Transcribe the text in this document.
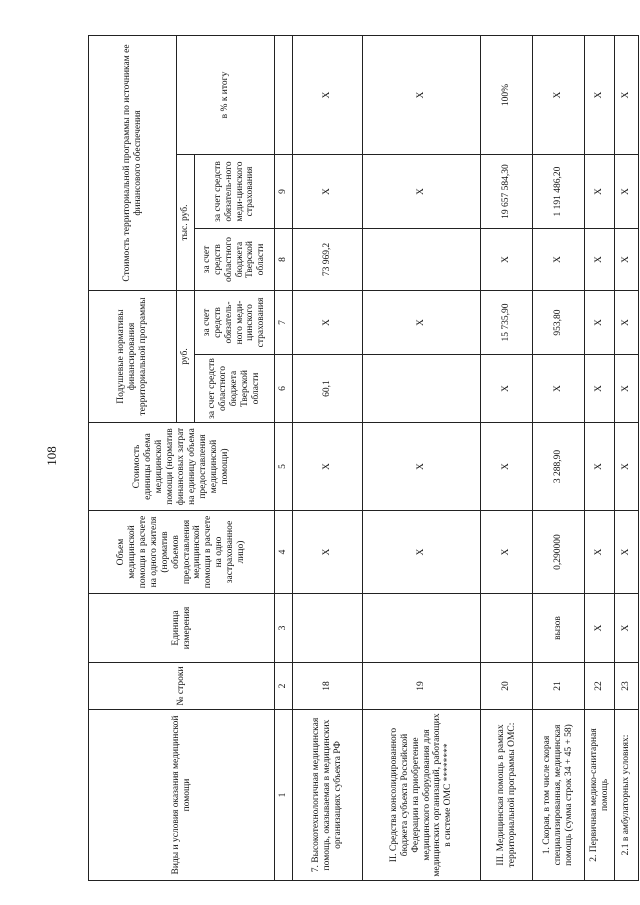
108
Виды и условия оказания медицинской помощи	№ строки	Единица измерения	Объем медицинской помощи в расчете на одного жителя (норматив объемов предоставления медицинской помощи в расчете на одно застрахованное лицо)	Стоимость единицы объема медицинской помощи (норматив финансовых затрат на единицу объема предоставления медицинской помощи)	Подушевые нормативы финансирования территориальной программы		Стоимость территориальной программы по источникам ее финансового обеспечения		
					руб.		тыс. руб.		в % к итогу
					за счет средств областного бюджета Тверской области	за счет средств обязатель-ного меди-цинского страхования	за счет средств областного бюджета Тверской области	за счет средств обязатель-ного меди-цинского страхования	
1	2	3	4	5	6	7	8	9	
7. Высокотехнологичная медицинская помощь, оказываемая в медицинских организациях субъекта РФ	18		X	X	60,1	X	73 969,2	X	X
II. Средства консолидированного бюджета субъекта Российской Федерации на приобретение медицинского оборудования для медицинских организаций, работающих в системе ОМС ********	19		X	X		X		X	X
III. Медицинская помощь в рамках территориальной программы ОМС:	20		X	X	X	15 735,90	X	19 657 584,30	100%
1. Скорая, в том числе скорая специализированная, медицинская помощь (сумма строк 34 + 45 + 58)	21	вызов	0,290000	3 288,90	X	953,80	X	1 191 486,20	X
2. Первичная медико-санитарная помощь	22	X	X	X	X	X	X	X	X
2.1 в амбулаторных условиях:	23	X	X	X	X	X	X	X	X
